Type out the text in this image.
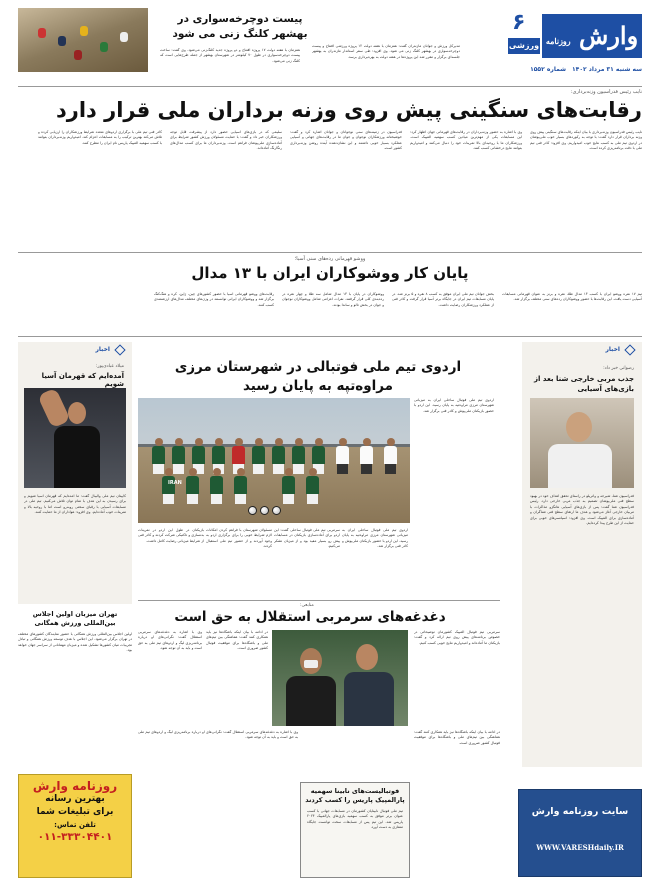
وارش روزنامه
۶
ورزشی
سه شنبه ۳۱ مرداد ۱۴۰۲شماره ۱۵۵۲
پیست دوچرخه‌سواری در بهشهر کلنگ زنی می شود
همزمان با هفته دولت ۱۷ پروژه افتتاح و دو پروژه جدید کلنگ‌زنی می‌شود. وی گفت: ساخت پیست دوچرخه‌سواری در طول ۷۰ کیلومتر در شهرستان بهشهر از جمله طرح‌هایی است که کلنگ زنی می‌شود.
مدیرکل ورزش و جوانان مازندران گفت: همزمان با هفته دولت ۱۲ پروژه ورزشی افتتاح و پیست دوچرخه‌سواری در بهشهر کلنگ زنی می شود. وی افزود: طی سفر استاندار مازندران به بهشهر جلسه‌ای برگزار و مقرر شد این پروژه‌ها در هفته دولت به بهره‌برداری برسد.
نایب رئیس فدراسیون وزنه‌برداری:
رقابت‌های سنگینی پیش روی وزنه برداران ملی قرار دارد
نایب رئیس فدراسیون وزنه‌برداری با بیان اینکه رقابت‌های سنگینی پیش روی وزنه برداران قرار دارد گفت: با توجه به رکوردهای بسیار خوب ملی‌پوشان در اردوی تیم ملی به کسب نتایج خوب امیدواریم. وی افزود: کادر فنی تیم ملی با دقت برنامه‌ریزی کرده است.
وی با اشاره به حضور وزنه‌برداران در رقابت‌های قهرمانی جهان اظهار کرد: این مسابقات یکی از مهم‌ترین میادین کسب سهمیه المپیک است. ورزشکاران ما با روحیه‌ای بالا تمرینات خود را دنبال می‌کنند و امیدواریم بتوانند نتایج درخشانی کسب کنند.
فدراسیون در زمینه‌های سنی نوجوانان و جوانان اشاره کرد و گفت: خوشبختانه ورزشکاران نوجوان و جوان ما در رقابت‌های جهانی و آسیایی عملکرد بسیار خوبی داشتند و این نشان‌دهنده آینده روشن وزنه‌برداری کشور است.
سلیمی که در بازی‌های آسیایی حضور دارد از پیشرفت قابل توجه ورزشکاران خبر داد و گفت: با حمایت مسئولان ورزش کشور شرایط برای آماده‌سازی ملی‌پوشان فراهم است. وزنه‌برداران ما برای کسب مدال‌های رنگارنگ آماده‌اند.
کادر فنی تیم ملی با برگزاری اردوهای متعدد شرایط ورزشکاران را ارزیابی کرده و تلاش می‌کند بهترین ترکیب را به مسابقات اعزام کند. امیدواریم وزنه‌برداران بتوانند با کسب سهمیه المپیک پاریس نام ایران را مطرح کنند.
ووشو قهرمانی رده‌های سنی آسیا؛
پایان کار ووشوکاران ایران با ۱۳ مدال
تیم ۱۷ نفره ووشو ایران با کسب ۱۳ مدال طلا، نقره و برنز به عنوان قهرمانی مسابقات آسیایی دست یافت. این رقابت‌ها با حضور ووشوکاران رده‌های سنی مختلف برگزار شد.
بخش جوانان تیم ملی ایران موفق به کسب ۸ نقره و ۵ برنز شد. در پایان مسابقات تیم ایران در جایگاه برتر آسیا قرار گرفت و کادر فنی از عملکرد ورزشکاران رضایت داشت.
ووشوکاران در پایان با ۱۳ مدال شامل سه طلا و چهار نقره در رده‌بندی کلی قرار گرفتند. نفرات اعزامی شامل ووشوکاران نوجوان و جوان در بخش تالو و ساندا بودند.
رقابت‌های ووشو قهرمانی آسیا با حضور کشورهای چین، ژاپن، کره و هنگ‌کنگ برگزار شد و ووشوکاران ایرانی توانستند در وزن‌های مختلف مدال‌های ارزشمندی کسب کنند.
اخبار
رضوانی خبر داد:
جذب مربی خارجی شنا بعد از بازی‌های آسیایی
فدراسیون شنا، شیرجه و واترپلو در راستای تحقق اهداف خود در بهبود سطح فنی ملی‌پوشان تصمیم به جذب مربی خارجی دارد. رئیس فدراسیون شنا گفت: پس از بازی‌های آسیایی هانگژو مذاکرات با مربیان خارجی آغاز می‌شود و هدف ما ارتقای سطح فنی شناگران و آماده‌سازی برای المپیک است. وی افزود: اسپانسرهای خوبی برای حمایت از این طرح پیدا کرده‌ایم.
اخبار
میلاد عبادی‌پور:
آمده‌ایم که قهرمان آسیا شویم
کاپیتان تیم ملی والیبال گفت: ما آمده‌ایم که قهرمان آسیا شویم و برای رسیدن به این هدف با تمام توان تلاش می‌کنیم. تیم ملی در مسابقات آسیایی با رقبای سختی روبه‌رو است اما با روحیه بالا و تمرینات خوب آماده‌ایم. وی افزود: هواداران از ما حمایت کنند.
اردوی تیم ملی فوتبالی در شهرستان مرزی مراوه‌تپه به پایان رسید
IRAN
اردوی تیم ملی فوتبال ساحلی ایران به میزبانی شهرستان مرزی مراوه‌تپه به پایان رسید. این اردو با حضور بازیکنان ملی‌پوش و کادر فنی برگزار شد.
بازیکنان در طول این اردو در تمرینات بدنسازی و تاکتیکی شرکت کردند و کادر فنی از شرایط میزبانی رضایت کامل داشت.
مسئولان شهرستان با فراهم کردن امکانات لازم شرایط خوبی را برای برگزاری اردو به وجود آوردند و از حضور تیم ملی استقبال کردند.
سرمربی تیم ملی فوتبال ساحلی گفت: این اردو برای آماده‌سازی بازیکنان در مسابقات پیش رو بسیار مفید بود و از میزبان تشکر می‌کنیم.
اردوی تیم ملی فوتبال ساحلی ایران به میزبانی شهرستان مرزی مراوه‌تپه به پایان رسید. این اردو با حضور بازیکنان ملی‌پوش و کادر فنی برگزار شد.
منابعی:
دغدغه‌های سرمربی استقلال به حق است
سرمربی تیم فوتبال المپیک کشورمان توضیحاتی در خصوص برنامه‌های پیش روی تیم ارائه کرد و گفت: بازیکنان ما آماده‌اند و امیدواریم نتایج خوبی کسب کنیم.
وی با اشاره به دغدغه‌های سرمربی استقلال گفت: نگرانی‌های او درباره برنامه‌ریزی لیگ و اردوهای تیم ملی به حق است و باید به آن توجه شود.
در ادامه با بیان اینکه باشگاه‌ها نیز باید همکاری کنند گفت: هماهنگی بین تیم‌های ملی و باشگاه‌ها برای موفقیت فوتبال کشور ضروری است.
وی با اشاره به دغدغه‌های سرمربی استقلال گفت: نگرانی‌های او درباره برنامه‌ریزی لیگ و اردوهای تیم ملی به حق است و باید به آن توجه شود.
تهران میزبان اولین اجلاس بین‌المللی ورزش همگانی
اولین اجلاس بین‌المللی ورزش همگانی با حضور نمایندگان کشورهای مختلف در تهران برگزار می‌شود. این اجلاس با هدف توسعه ورزش همگانی و تبادل تجربیات میان کشورها تشکیل شده و میزبان مهمانانی از سراسر جهان خواهد بود.
فوتبالیست‌های نابینا سهمیه پارالمپیک پاریس را کسب کردند
تیم ملی فوتبال نابینایان کشورمان در مسابقات جهانی با کسب عنوان برتر موفق به کسب سهمیه بازی‌های پارالمپیک ۲۰۲۴ پاریس شد. این تیم پس از مسابقات سخت توانست جایگاه ممتازی به دست آورد.
در ادامه با بیان اینکه باشگاه‌ها نیز باید همکاری کنند گفت: هماهنگی بین تیم‌های ملی و باشگاه‌ها برای موفقیت فوتبال کشور ضروری است.
روزنامه وارش
بهترین رسانه
برای تبلیغات شما
تلفن تماس:
۰۱۱-۳۳۳۰۴۴۰۱
سایت روزنامه وارش
WWW.VARESHdaily.IR
